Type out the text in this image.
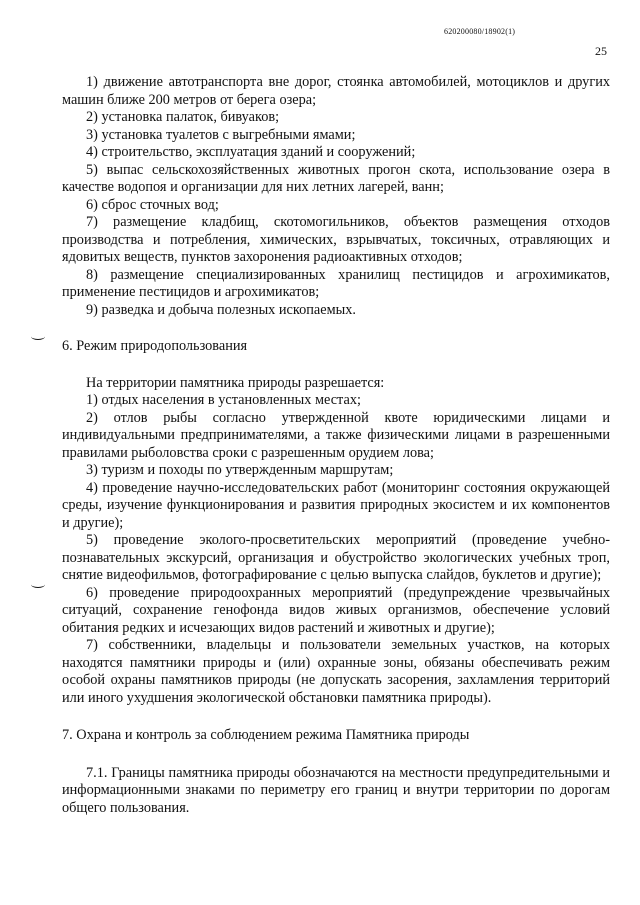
620200080/18902(1)
25

1) движение автотранспорта вне дорог, стоянка автомобилей, мотоциклов и других машин ближе 200 метров от берега озера;

2) установка палаток, бивуаков;

3) установка туалетов с выгребными ямами;

4) строительство, эксплуатация зданий и сооружений;

5) выпас сельскохозяйственных животных прогон скота, использование озера в качестве водопоя и организации для них летних лагерей, ванн;

6) сброс сточных вод;

7) размещение кладбищ, скотомогильников, объектов размещения отходов производства и потребления, химических, взрывчатых, токсичных, отравляющих и ядовитых веществ, пунктов захоронения радиоактивных отходов;

8) размещение специализированных хранилищ пестицидов и агрохимикатов, применение пестицидов и агрохимикатов;

9) разведка и добыча полезных ископаемых.

6. Режим природопользования

На территории памятника природы разрешается:

1) отдых населения в установленных местах;

2) отлов рыбы согласно утвержденной квоте юридическими лицами и индивидуальными предпринимателями, а также физическими лицами в разрешенными правилами рыболовства сроки с разрешенным орудием лова;

3) туризм и походы по утвержденным маршрутам;

4) проведение научно-исследовательских работ (мониторинг состояния окружающей среды, изучение функционирования и развития природных экосистем и их компонентов и другие);

5) проведение эколого-просветительских мероприятий (проведение учебно-познавательных экскурсий, организация и обустройство экологических учебных троп, снятие видеофильмов, фотографирование с целью выпуска слайдов, буклетов и другие);

6) проведение природоохранных мероприятий (предупреждение чрезвычайных ситуаций, сохранение генофонда видов живых организмов, обеспечение условий обитания редких и исчезающих видов растений и животных и другие);

7) собственники, владельцы и пользователи земельных участков, на которых находятся памятники природы и (или) охранные зоны, обязаны обеспечивать режим особой охраны памятников природы (не допускать засорения, захламления территорий или иного ухудшения экологической обстановки памятника природы).

7. Охрана и контроль за соблюдением режима Памятника природы

7.1. Границы памятника природы обозначаются на местности предупредительными и информационными знаками по периметру его границ и внутри территории по дорогам общего пользования.
